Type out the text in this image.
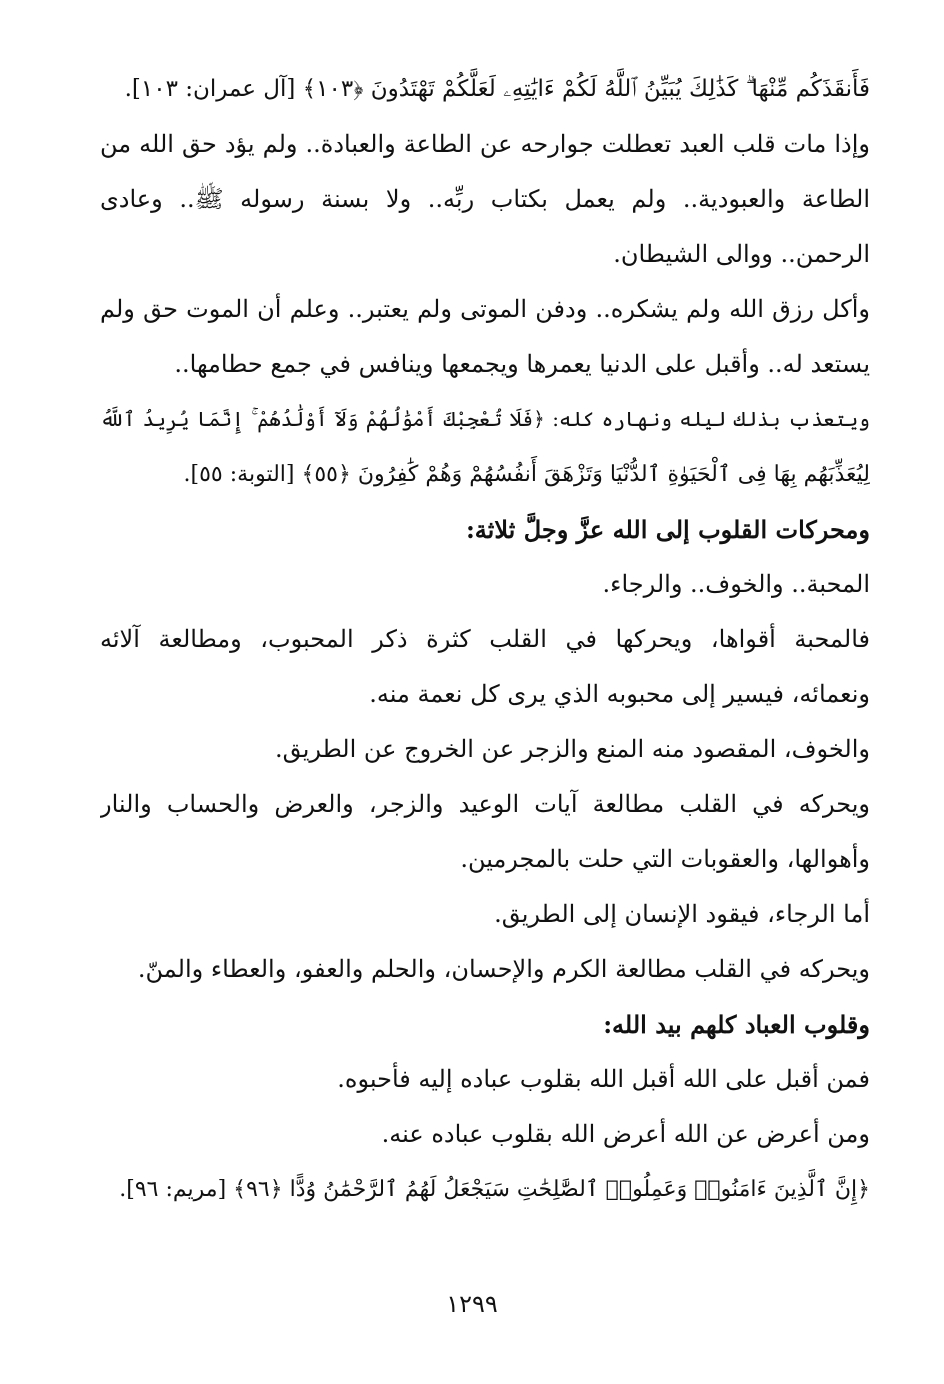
فَأَنقَذَكُم مِّنْهَا ۗ كَذَٰلِكَ يُبَيِّنُ ٱللَّهُ لَكُمْ ءَايَٰتِهِۦ لَعَلَّكُمْ تَهْتَدُونَ ﴿١٠٣﴾ [آل عمران: ١٠٣].
وإذا مات قلب العبد تعطلت جوارحه عن الطاعة والعبادة.. ولم يؤد حق الله من
الطاعة والعبودية.. ولم يعمل بكتاب ربِّه.. ولا بسنة رسوله ﷺ.. وعادى
الرحمن.. ووالى الشيطان.
وأكل رزق الله ولم يشكره.. ودفن الموتى ولم يعتبر.. وعلم أن الموت حق ولم
يستعد له.. وأقبل على الدنيا يعمرها ويجمعها وينافس في جمع حطامها..
ويتعذب بذلك ليله ونهاره كله: ﴿فَلَا تُعْجِبْكَ أَمْوَٰلُهُمْ وَلَآ أَوْلَٰدُهُمْ ۚ إِنَّمَا يُرِيدُ ٱللَّهُ
لِيُعَذِّبَهُم بِهَا فِى ٱلْحَيَوٰةِ ٱلدُّنْيَا وَتَزْهَقَ أَنفُسُهُمْ وَهُمْ كَٰفِرُونَ ﴿٥٥﴾ [التوبة: ٥٥].
ومحركات القلوب إلى الله عزَّ وجلَّ ثلاثة:
المحبة.. والخوف.. والرجاء.
فالمحبة أقواها، ويحركها في القلب كثرة ذكر المحبوب، ومطالعة آلائه
ونعمائه، فيسير إلى محبوبه الذي يرى كل نعمة منه.
والخوف، المقصود منه المنع والزجر عن الخروج عن الطريق.
ويحركه في القلب مطالعة آيات الوعيد والزجر، والعرض والحساب والنار
وأهوالها، والعقوبات التي حلت بالمجرمين.
أما الرجاء، فيقود الإنسان إلى الطريق.
ويحركه في القلب مطالعة الكرم والإحسان، والحلم والعفو، والعطاء والمنّ.
وقلوب العباد كلهم بيد الله:
فمن أقبل على الله أقبل الله بقلوب عباده إليه فأحبوه.
ومن أعرض عن الله أعرض الله بقلوب عباده عنه.
﴿إِنَّ ٱلَّذِينَ ءَامَنُوا۟ وَعَمِلُوا۟ ٱلصَّٰلِحَٰتِ سَيَجْعَلُ لَهُمُ ٱلرَّحْمَٰنُ وُدًّا ﴿٩٦﴾ [مريم: ٩٦].
١٢٩٩
